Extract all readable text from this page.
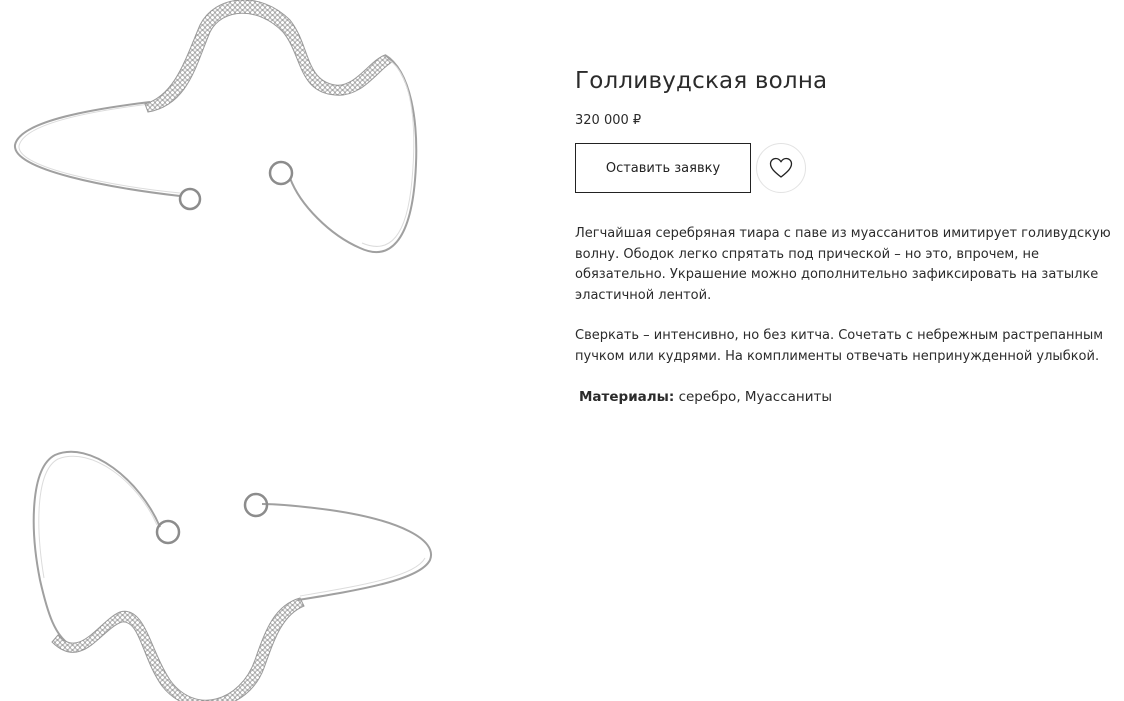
Голливудская волна
320 000 ₽
Оставить заявку
Легчайшая серебряная тиара с паве из муассанитов имитирует голивудскую
волну. Ободок легко спрятать под прической – но это, впрочем, не
обязательно. Украшение можно дополнительно зафиксировать на затылке
эластичной лентой.
Сверкать – интенсивно, но без китча. Сочетать с небрежным растрепанным
пучком или кудрями. На комплименты отвечать непринужденной улыбкой.
Материалы: серебро, Муассаниты
